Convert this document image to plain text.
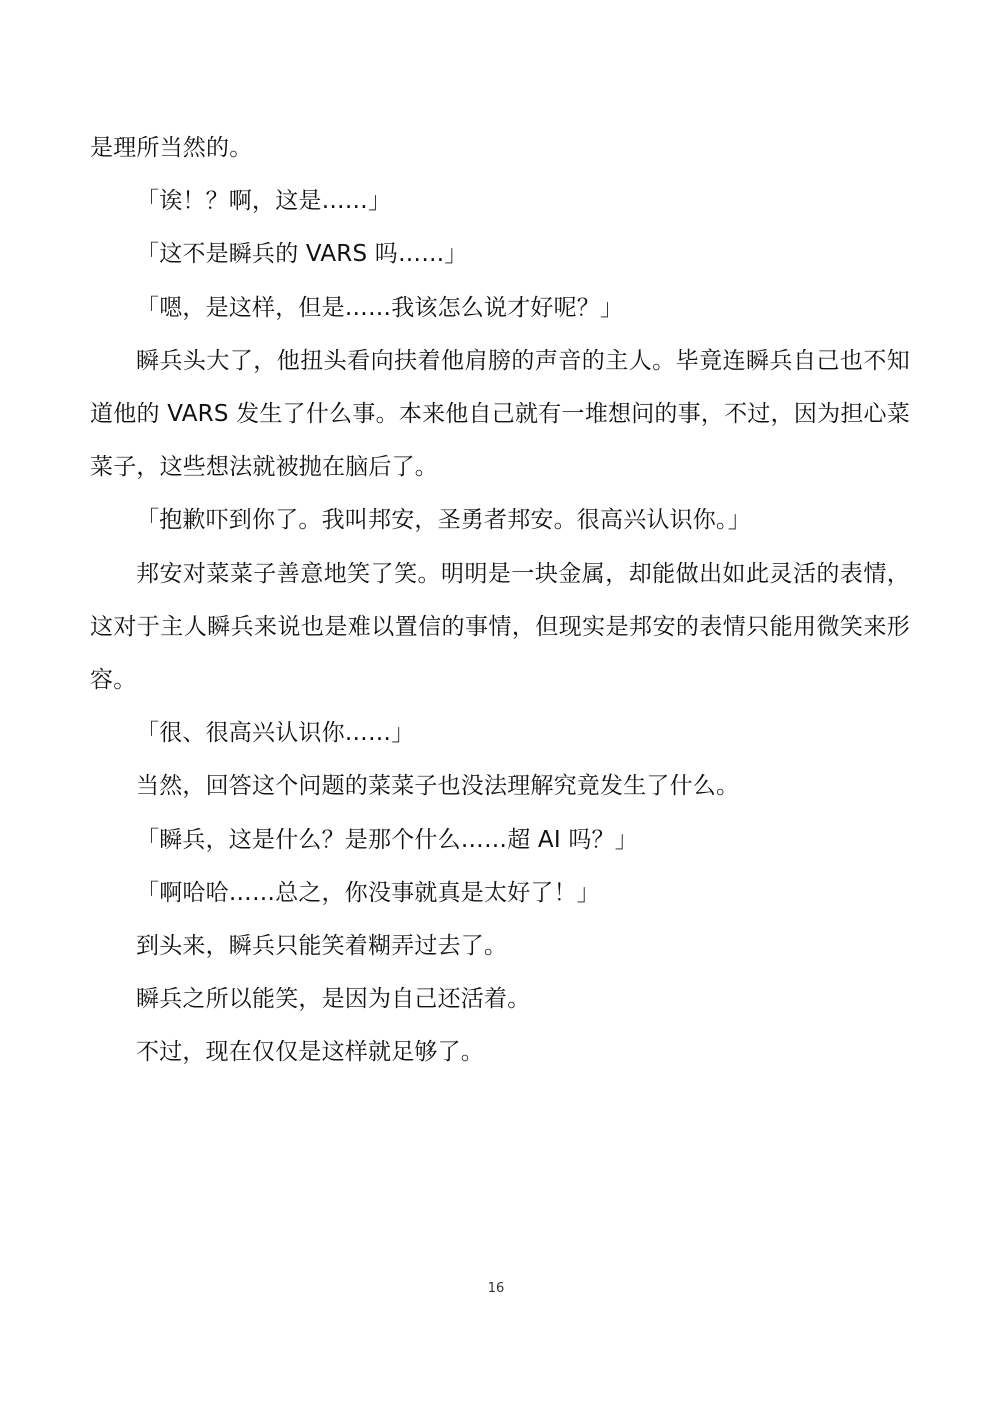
是理所当然的。

「诶！？啊，这是……」

「这不是瞬兵的 VARS 吗……」

「嗯，是这样，但是……我该怎么说才好呢？」

瞬兵头大了，他扭头看向扶着他肩膀的声音的主人。毕竟连瞬兵自己也不知道他的 VARS 发生了什么事。本来他自己就有一堆想问的事，不过，因为担心菜菜子，这些想法就被抛在脑后了。

「抱歉吓到你了。我叫邦安，圣勇者邦安。很高兴认识你。」

邦安对菜菜子善意地笑了笑。明明是一块金属，却能做出如此灵活的表情，这对于主人瞬兵来说也是难以置信的事情，但现实是邦安的表情只能用微笑来形容。

「很、很高兴认识你……」

当然，回答这个问题的菜菜子也没法理解究竟发生了什么。

「瞬兵，这是什么？是那个什么……超 AI 吗？」

「啊哈哈……总之，你没事就真是太好了！」

到头来，瞬兵只能笑着糊弄过去了。

瞬兵之所以能笑，是因为自己还活着。

不过，现在仅仅是这样就足够了。

16
